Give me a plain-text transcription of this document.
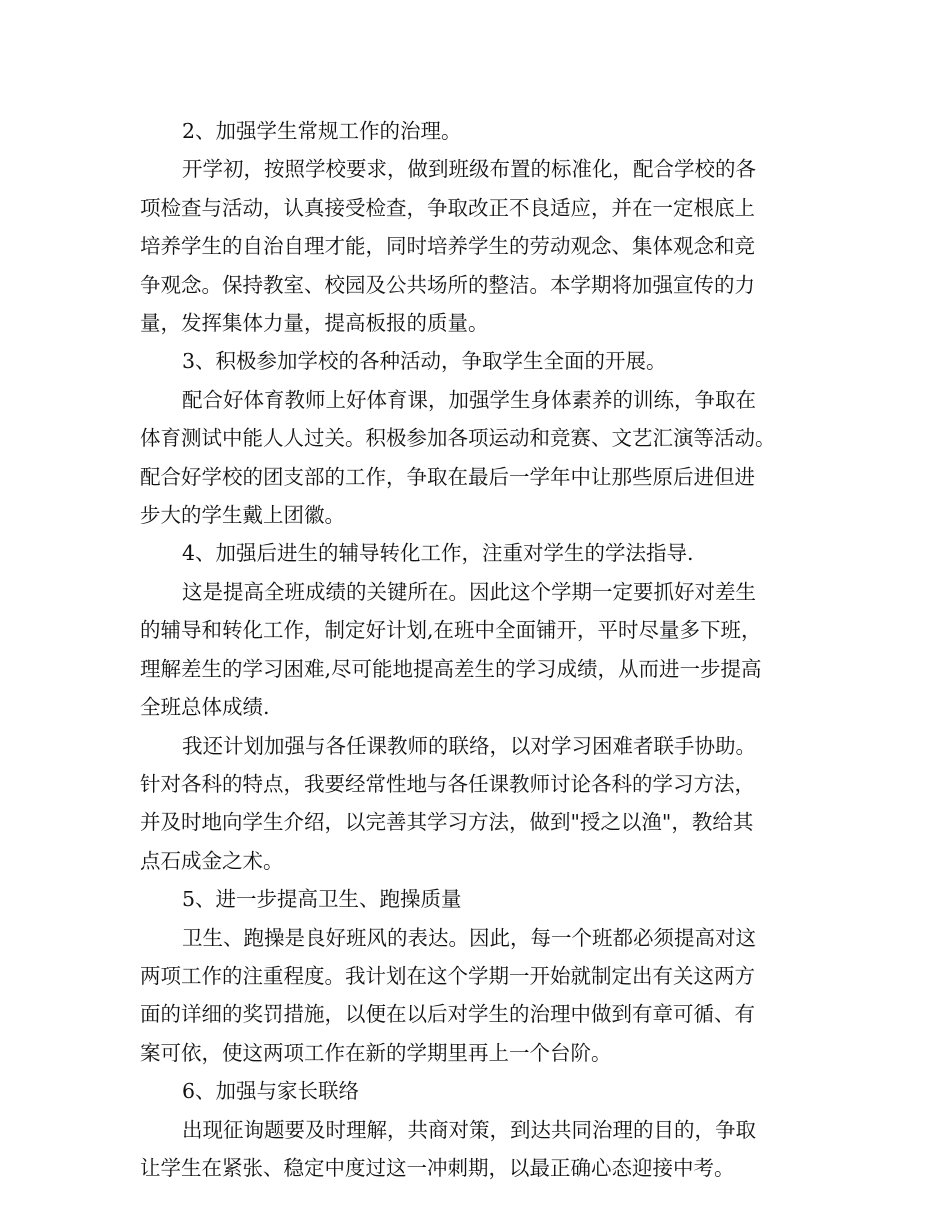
2、加强学生常规工作的治理。
开学初，按照学校要求，做到班级布置的标准化，配合学校的各
项检查与活动，认真接受检查，争取改正不良适应，并在一定根底上
培养学生的自治自理才能，同时培养学生的劳动观念、集体观念和竞
争观念。保持教室、校园及公共场所的整洁。本学期将加强宣传的力
量，发挥集体力量，提高板报的质量。
3、积极参加学校的各种活动，争取学生全面的开展。
配合好体育教师上好体育课，加强学生身体素养的训练，争取在
体育测试中能人人过关。积极参加各项运动和竞赛、文艺汇演等活动。
配合好学校的团支部的工作，争取在最后一学年中让那些原后进但进
步大的学生戴上团徽。
4、加强后进生的辅导转化工作，注重对学生的学法指导.
这是提高全班成绩的关键所在。因此这个学期一定要抓好对差生
的辅导和转化工作，制定好计划,在班中全面铺开，平时尽量多下班，
理解差生的学习困难,尽可能地提高差生的学习成绩，从而进一步提高
全班总体成绩.
我还计划加强与各任课教师的联络，以对学习困难者联手协助。
针对各科的特点，我要经常性地与各任课教师讨论各科的学习方法，
并及时地向学生介绍，以完善其学习方法，做到"授之以渔"，教给其
点石成金之术。
5、进一步提高卫生、跑操质量
卫生、跑操是良好班风的表达。因此，每一个班都必须提高对这
两项工作的注重程度。我计划在这个学期一开始就制定出有关这两方
面的详细的奖罚措施，以便在以后对学生的治理中做到有章可循、有
案可依，使这两项工作在新的学期里再上一个台阶。
6、加强与家长联络
出现征询题要及时理解，共商对策，到达共同治理的目的，争取
让学生在紧张、稳定中度过这一冲刺期，以最正确心态迎接中考。
